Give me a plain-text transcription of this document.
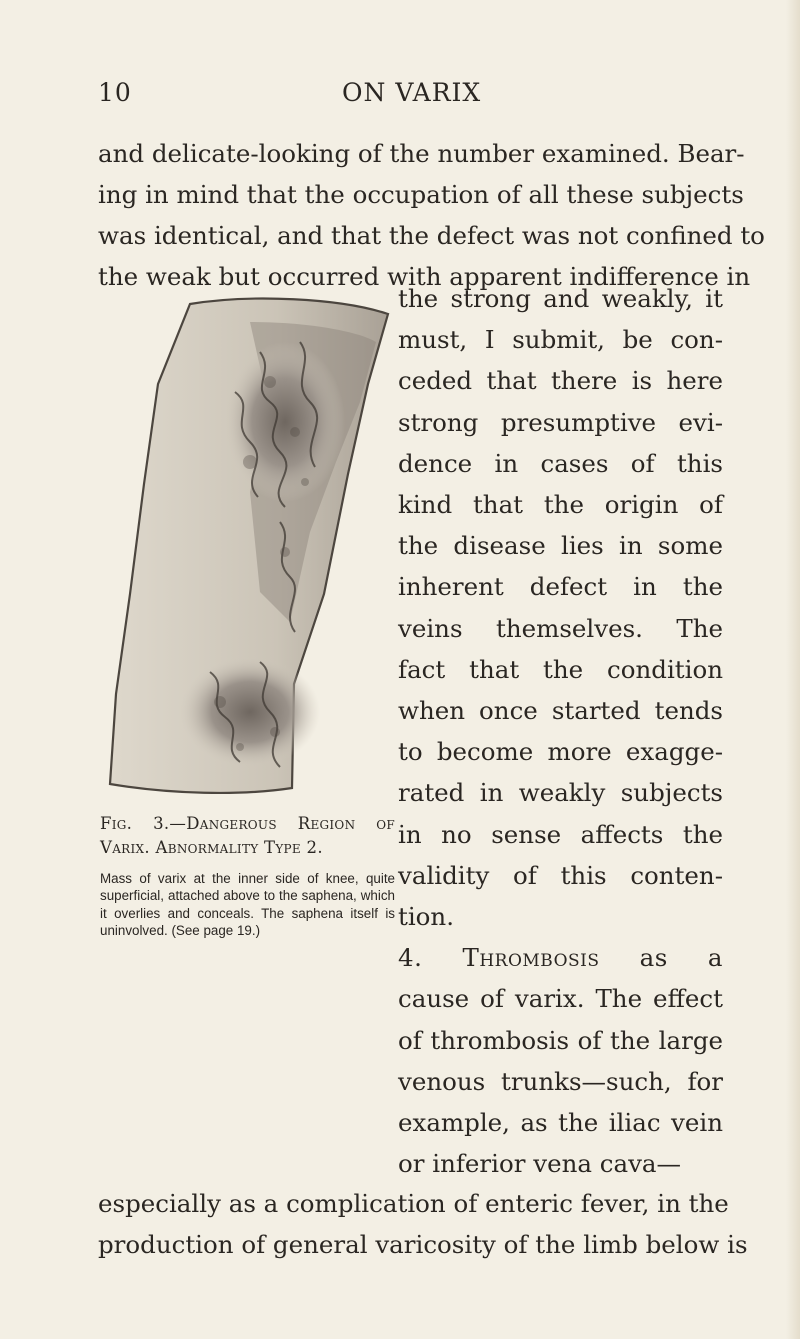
10	ON VARIX
and delicate-looking of the number examined. Bear-
ing in mind that the occupation of all these subjects
was identical, and that the defect was not confined to
the weak but occurred with apparent indifference in

Fig. 3.—Dangerous Region of Varix. Abnormality Type 2.

Mass of varix at the inner side of knee, quite superficial, attached above to the saphena, which it overlies and conceals. The saphena itself is uninvolved. (See page 19.)
the strong and weakly, it
must, I submit, be con-
ceded that there is here
strong presumptive evi-
dence in cases of this
kind that the origin of
the disease lies in some
inherent defect in the
veins themselves. The
fact that the condition
when once started tends
to become more exagge-
rated in weakly subjects
in no sense affects the
validity of this conten-
tion.
4. Thrombosis as a
cause of varix. The effect
of thrombosis of the large
venous trunks—such, for
example, as the iliac vein
or inferior vena cava—
especially as a complication of enteric fever, in the
production of general varicosity of the limb below is
